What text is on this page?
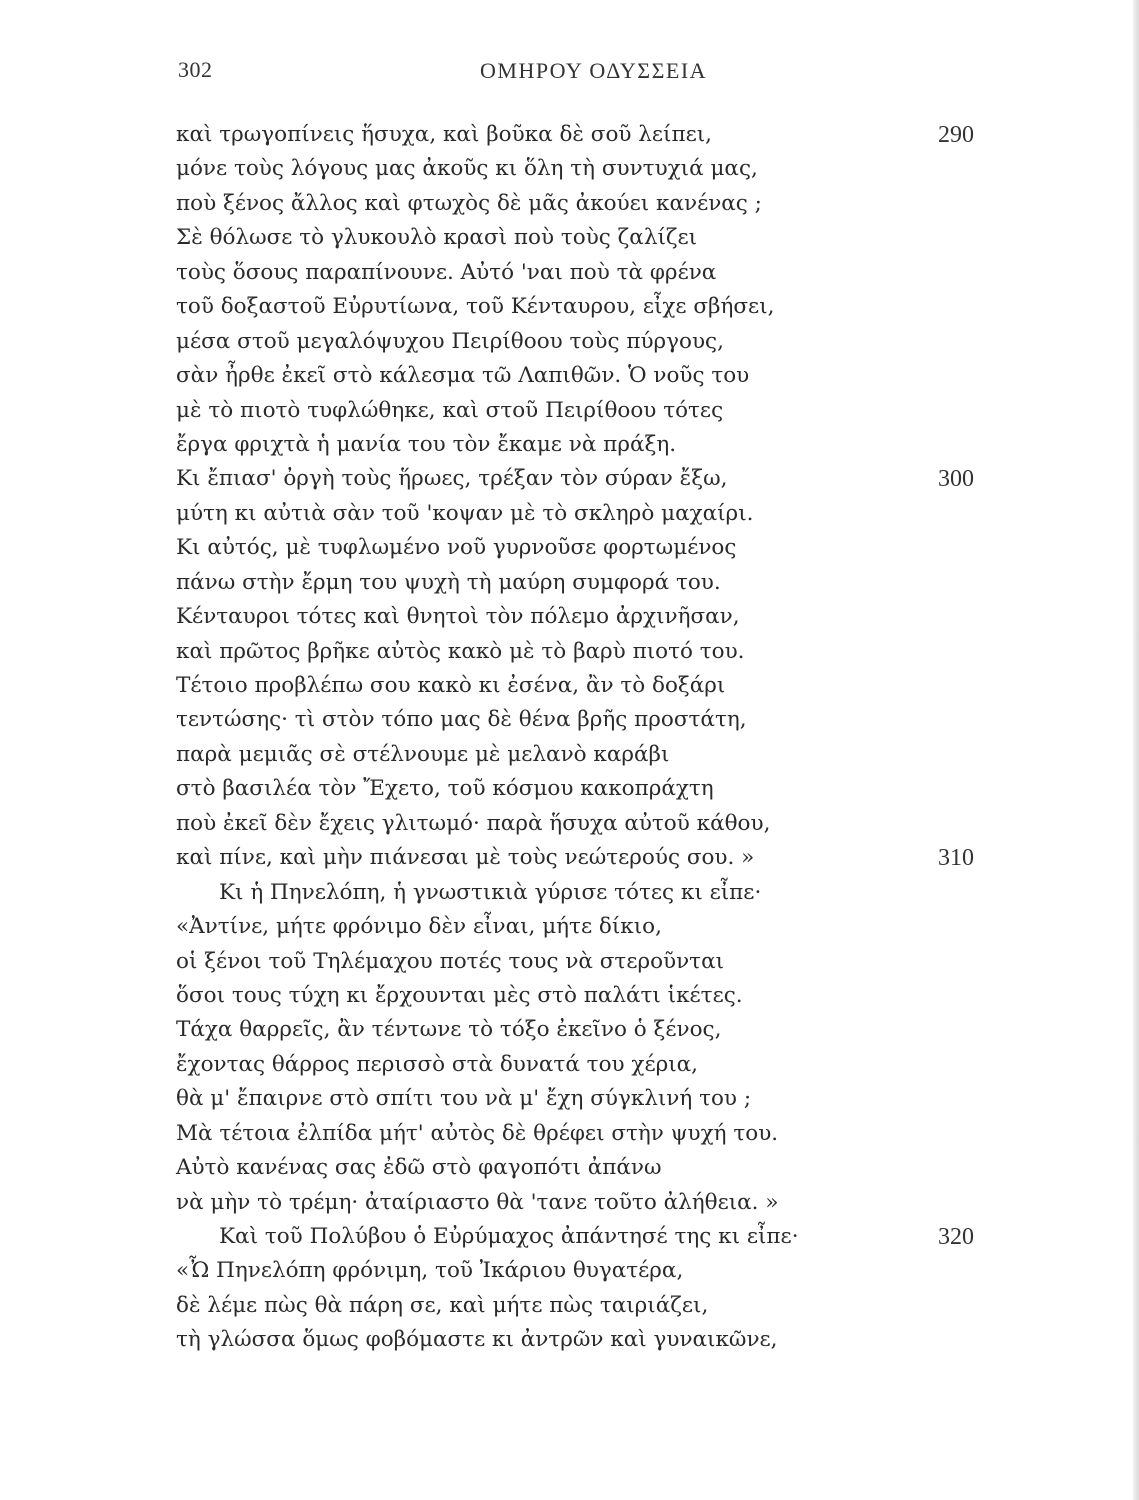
302	ΟΜΗΡΟΥ ΟΔΥΣΣΕΙΑ
καὶ τρωγοπίνεις ἥσυχα, καὶ βοῦκα δὲ σοῦ λείπει,	290
μόνε τοὺς λόγους μας ἀκοῦς κι ὅλη τὴ συντυχιά μας,
ποὺ ξένος ἄλλος καὶ φτωχὸς δὲ μᾶς ἀκούει κανένας ;
Σὲ θόλωσε τὸ γλυκουλὸ κρασὶ ποὺ τοὺς ζαλίζει
τοὺς ὅσους παραπίνουνε. Αὐτό 'ναι ποὺ τὰ φρένα
τοῦ δοξαστοῦ Εὐρυτίωνα, τοῦ Κένταυρου, εἶχε σβήσει,
μέσα στοῦ μεγαλόψυχου Πειρίθοου τοὺς πύργους,
σὰν ἦρθε ἐκεῖ στὸ κάλεσμα τῶ Λαπιθῶν. Ὁ νοῦς του
μὲ τὸ πιοτὸ τυφλώθηκε, καὶ στοῦ Πειρίθοου τότες
ἔργα φριχτὰ ἡ μανία του τὸν ἔκαμε νὰ πράξη.
Κι ἔπιασ' ὀργὴ τοὺς ἥρωες, τρέξαν τὸν σύραν ἔξω,	300
μύτη κι αὐτιὰ σὰν τοῦ 'κοψαν μὲ τὸ σκληρὸ μαχαίρι.
Κι αὐτός, μὲ τυφλωμένο νοῦ γυρνοῦσε φορτωμένος
πάνω στὴν ἔρμη του ψυχὴ τὴ μαύρη συμφορά του.
Κένταυροι τότες καὶ θνητοὶ τὸν πόλεμο ἀρχινῆσαν,
καὶ πρῶτος βρῆκε αὐτὸς κακὸ μὲ τὸ βαρὺ πιοτό του.
Τέτοιο προβλέπω σου κακὸ κι ἐσένα, ἂν τὸ δοξάρι
τεντώσης· τὶ στὸν τόπο μας δὲ θένα βρῆς προστάτη,
παρὰ μεμιᾶς σὲ στέλνουμε μὲ μελανὸ καράβι
στὸ βασιλέα τὸν Ἔχετο, τοῦ κόσμου κακοπράχτη
ποὺ ἐκεῖ δὲν ἔχεις γλιτωμό· παρὰ ἥσυχα αὐτοῦ κάθου,
καὶ πίνε, καὶ μὴν πιάνεσαι μὲ τοὺς νεώτερούς σου. »	310
Κι ἡ Πηνελόπη, ἡ γνωστικιὰ γύρισε τότες κι εἶπε·
«Ἀντίνε, μήτε φρόνιμο δὲν εἶναι, μήτε δίκιο,
οἱ ξένοι τοῦ Τηλέμαχου ποτές τους νὰ στεροῦνται
ὅσοι τους τύχη κι ἔρχουνται μὲς στὸ παλάτι ἱκέτες.
Τάχα θαρρεῖς, ἂν τέντωνε τὸ τόξο ἐκεῖνο ὁ ξένος,
ἔχοντας θάρρος περισσὸ στὰ δυνατά του χέρια,
θὰ μ' ἔπαιρνε στὸ σπίτι του νὰ μ' ἔχη σύγκλινή του ;
Μὰ τέτοια ἐλπίδα μήτ' αὐτὸς δὲ θρέφει στὴν ψυχή του.
Αὐτὸ κανένας σας ἐδῶ στὸ φαγοπότι ἀπάνω
νὰ μὴν τὸ τρέμη· ἀταίριαστο θὰ 'τανε τοῦτο ἀλήθεια. »
Καὶ τοῦ Πολύβου ὁ Εὐρύμαχος ἀπάντησέ της κι εἶπε·	320
«Ὦ Πηνελόπη φρόνιμη, τοῦ Ἰκάριου θυγατέρα,
δὲ λέμε πὼς θὰ πάρη σε, καὶ μήτε πὼς ταιριάζει,
τὴ γλώσσα ὅμως φοβόμαστε κι ἀντρῶν καὶ γυναικῶνε,
